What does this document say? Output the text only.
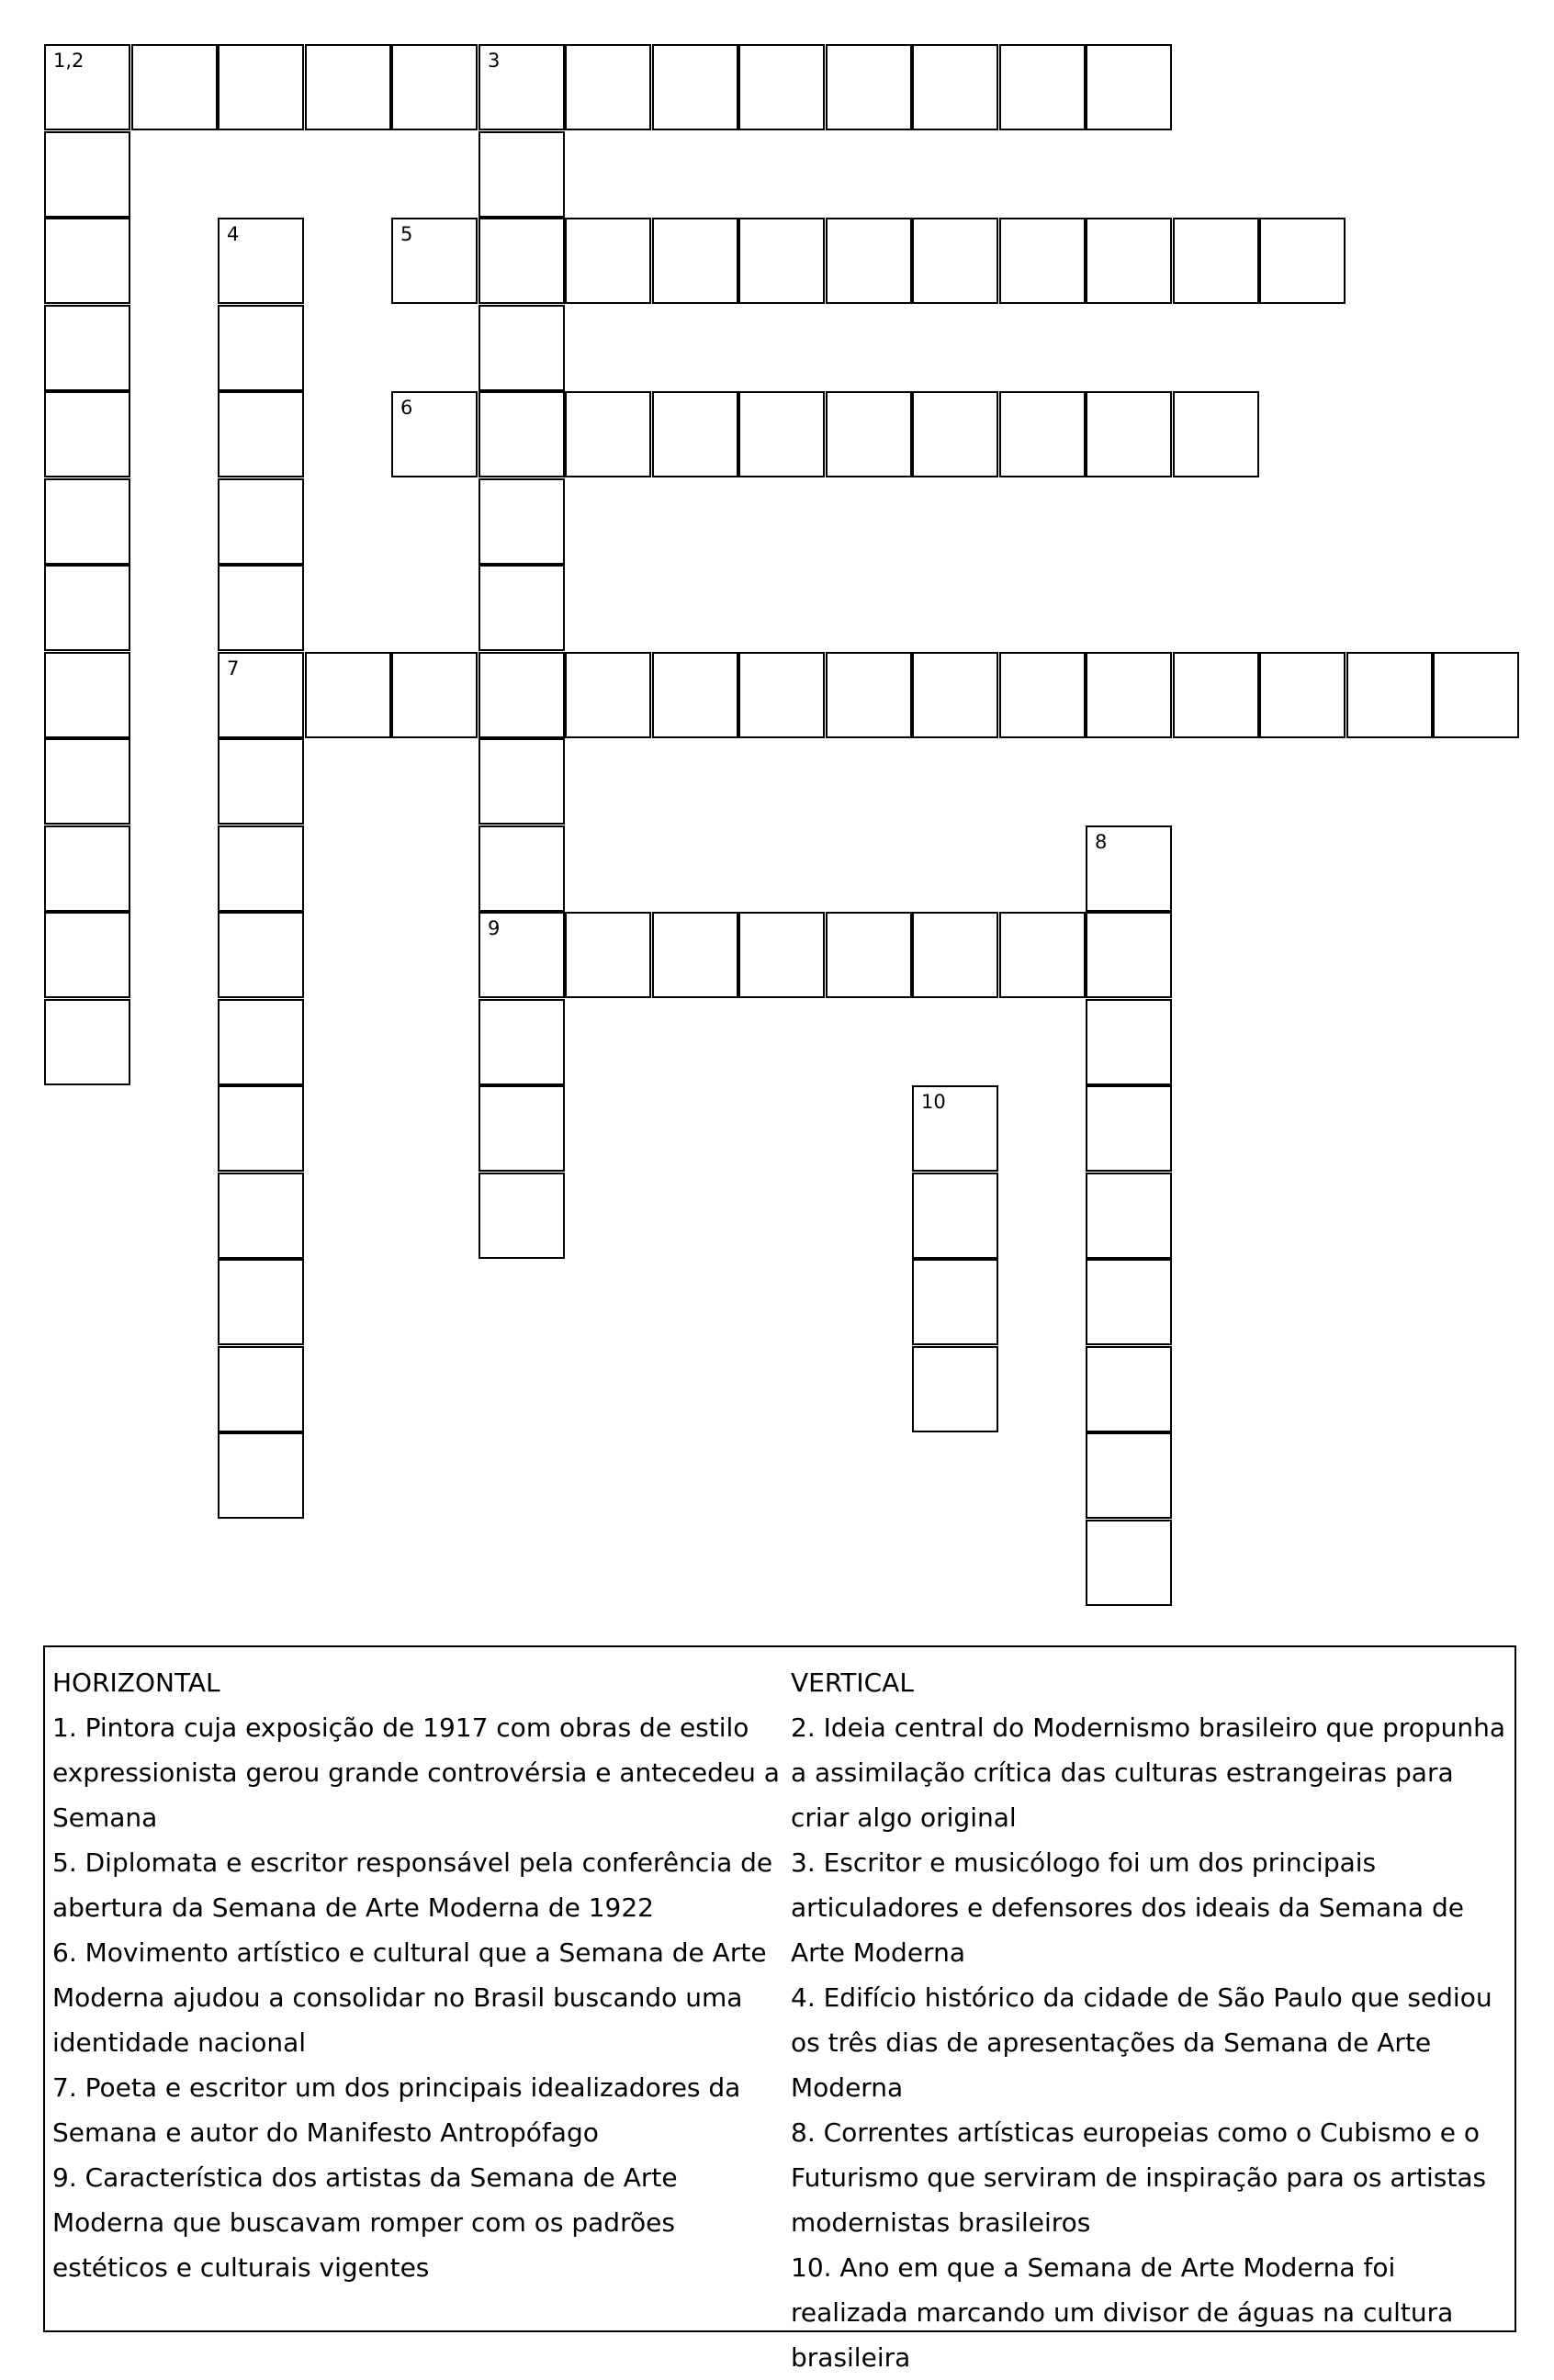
1,2	3
4	5
6
7
8
9
10
HORIZONTAL
1. Pintora cuja exposição de 1917 com obras de estilo expressionista gerou grande controvérsia e antecedeu a Semana
5. Diplomata e escritor responsável pela conferência de abertura da Semana de Arte Moderna de 1922
6. Movimento artístico e cultural que a Semana de Arte Moderna ajudou a consolidar no Brasil buscando uma identidade nacional
7. Poeta e escritor um dos principais idealizadores da Semana e autor do Manifesto Antropófago
9. Característica dos artistas da Semana de Arte Moderna que buscavam romper com os padrões estéticos e culturais vigentes
VERTICAL
2. Ideia central do Modernismo brasileiro que propunha a assimilação crítica das culturas estrangeiras para criar algo original
3. Escritor e musicólogo foi um dos principais articuladores e defensores dos ideais da Semana de Arte Moderna
4. Edifício histórico da cidade de São Paulo que sediou os três dias de apresentações da Semana de Arte Moderna
8. Correntes artísticas europeias como o Cubismo e o Futurismo que serviram de inspiração para os artistas modernistas brasileiros
10. Ano em que a Semana de Arte Moderna foi realizada marcando um divisor de águas na cultura brasileira
